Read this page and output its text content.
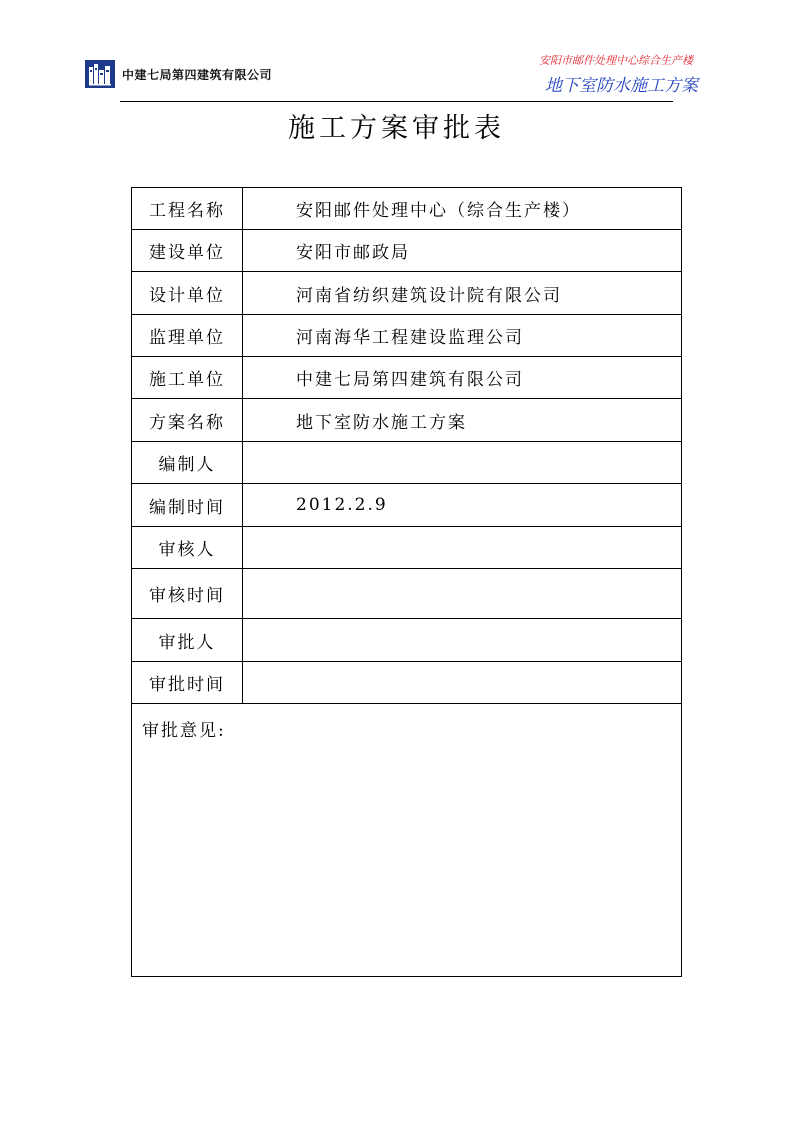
中建七局第四建筑有限公司
安阳市邮件处理中心综合生产楼
地下室防水施工方案
施工方案审批表
工程名称	安阳邮件处理中心（综合生产楼）
建设单位	安阳市邮政局
设计单位	河南省纺织建筑设计院有限公司
监理单位	河南海华工程建设监理公司
施工单位	中建七局第四建筑有限公司
方案名称	地下室防水施工方案
编制人	
编制时间	2012.2.9
审核人	
审核时间	
审批人	
审批时间	
审批意见:	
